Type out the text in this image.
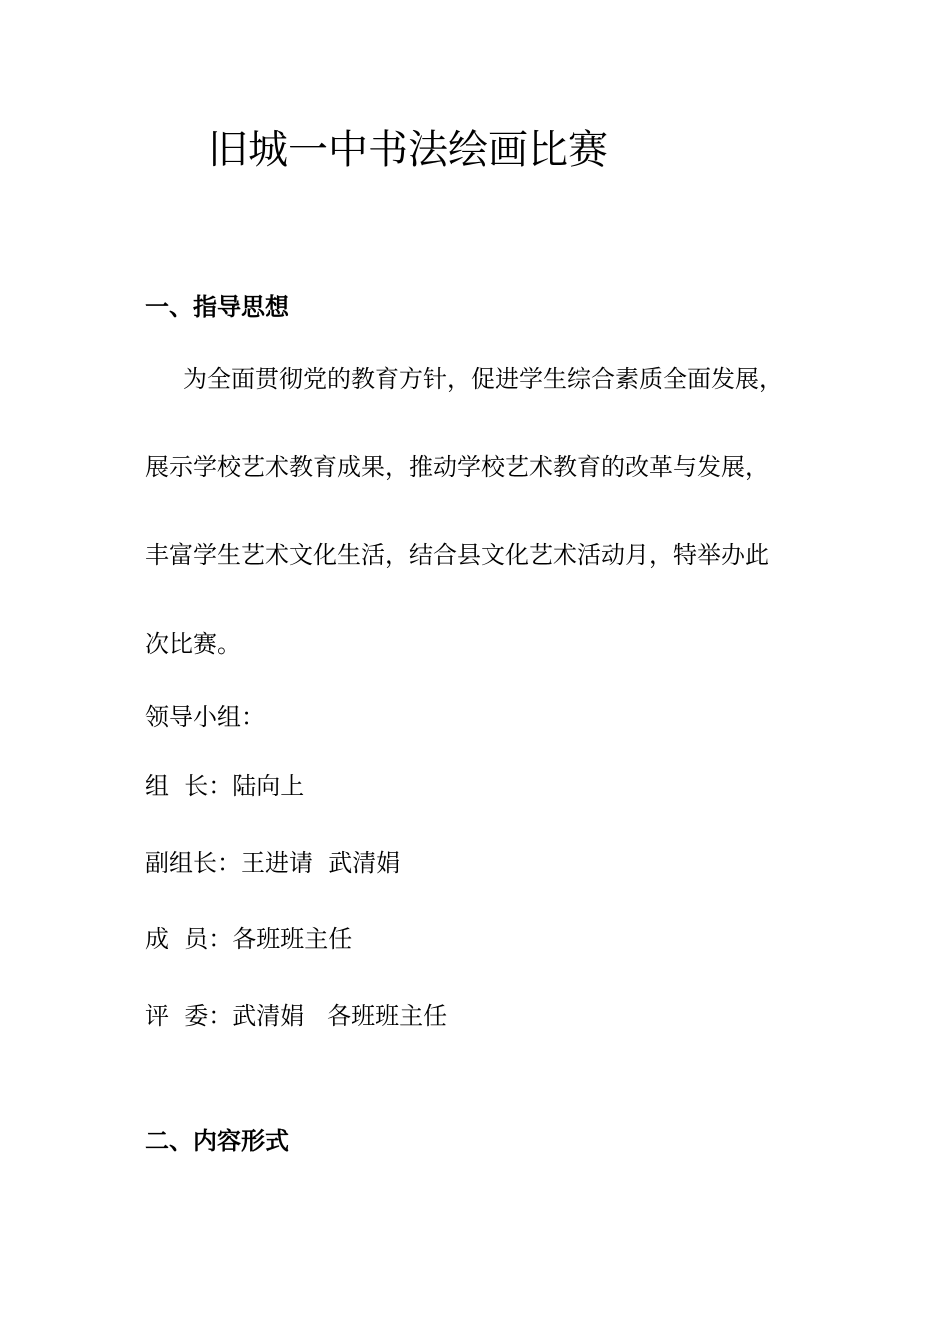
旧城一中书法绘画比赛
一、指导思想
为全面贯彻党的教育方针，促进学生综合素质全面发展，
展示学校艺术教育成果，推动学校艺术教育的改革与发展，
丰富学生艺术文化生活，结合县文化艺术活动月，特举办此
次比赛。
领导小组：
组  长：陆向上
副组长：王进请  武清娟
成  员：各班班主任
评  委：武清娟   各班班主任
二、内容形式
